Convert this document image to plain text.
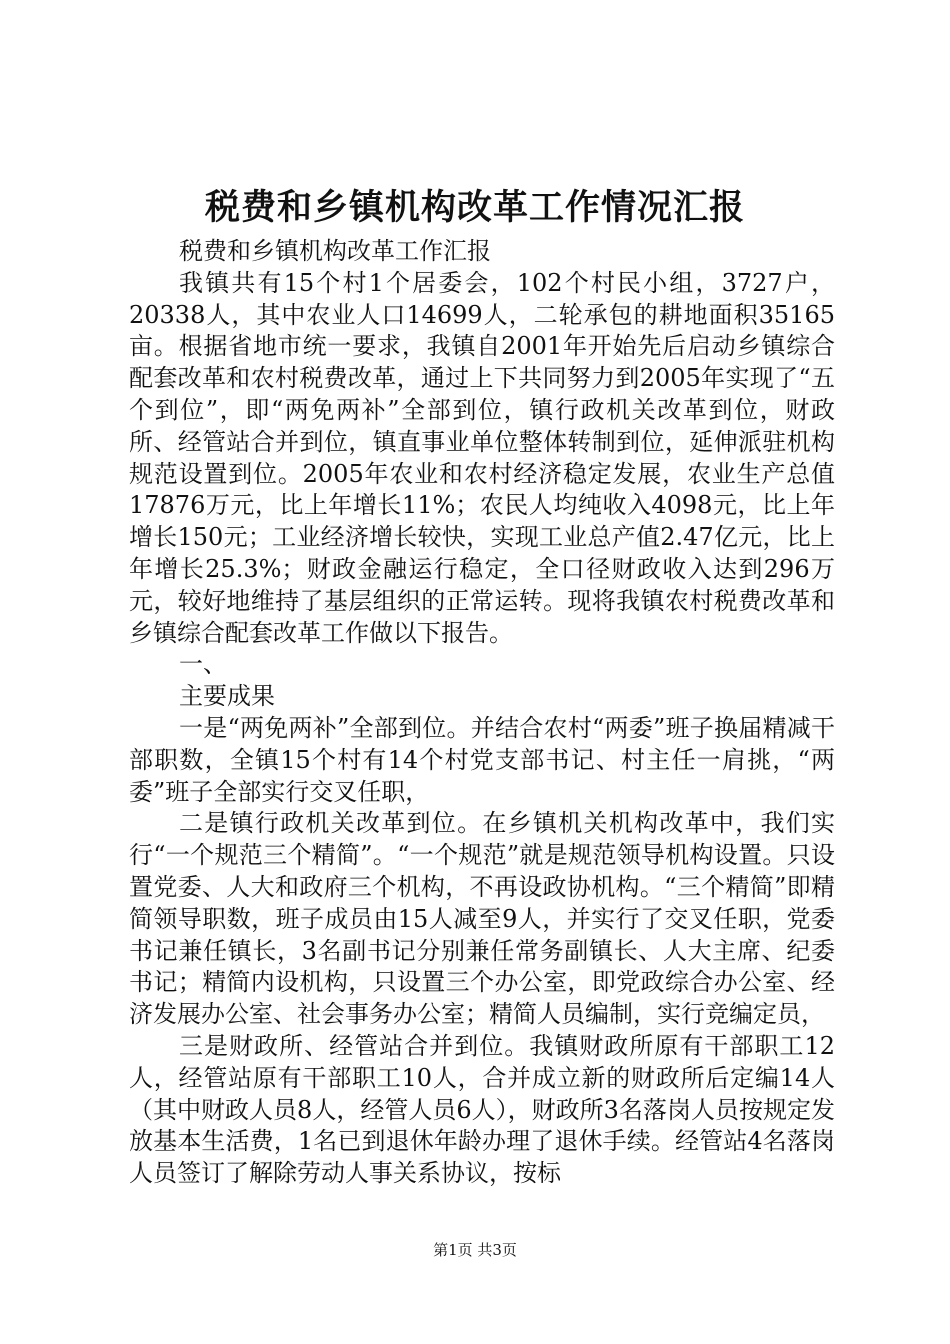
税费和乡镇机构改革工作情况汇报

税费和乡镇机构改革工作汇报

我镇共有15个村1个居委会，102个村民小组，3727户，20338人，其中农业人口14699人，二轮承包的耕地面积35165亩。根据省地市统一要求，我镇自2001年开始先后启动乡镇综合配套改革和农村税费改革，通过上下共同努力到2005年实现了“五个到位”，即“两免两补”全部到位，镇行政机关改革到位，财政所、经管站合并到位，镇直事业单位整体转制到位，延伸派驻机构规范设置到位。2005年农业和农村经济稳定发展，农业生产总值17876万元，比上年增长11%；农民人均纯收入4098元，比上年增长150元；工业经济增长较快，实现工业总产值2.47亿元，比上年增长25.3%；财政金融运行稳定，全口径财政收入达到296万元，较好地维持了基层组织的正常运转。现将我镇农村税费改革和乡镇综合配套改革工作做以下报告。

一、

主要成果

一是“两免两补”全部到位。并结合农村“两委”班子换届精减干部职数，全镇15个村有14个村党支部书记、村主任一肩挑，“两委”班子全部实行交叉任职，

二是镇行政机关改革到位。在乡镇机关机构改革中，我们实行“一个规范三个精简”。“一个规范”就是规范领导机构设置。只设置党委、人大和政府三个机构，不再设政协机构。“三个精简”即精简领导职数，班子成员由15人减至9人，并实行了交叉任职，党委书记兼任镇长，3名副书记分别兼任常务副镇长、人大主席、纪委书记；精简内设机构，只设置三个办公室，即党政综合办公室、经济发展办公室、社会事务办公室；精简人员编制，实行竞编定员，

三是财政所、经管站合并到位。我镇财政所原有干部职工12人，经管站原有干部职工10人，合并成立新的财政所后定编14人（其中财政人员8人，经管人员6人），财政所3名落岗人员按规定发放基本生活费，1名已到退休年龄办理了退休手续。经管站4名落岗人员签订了解除劳动人事关系协议，按标

第1页 共3页
